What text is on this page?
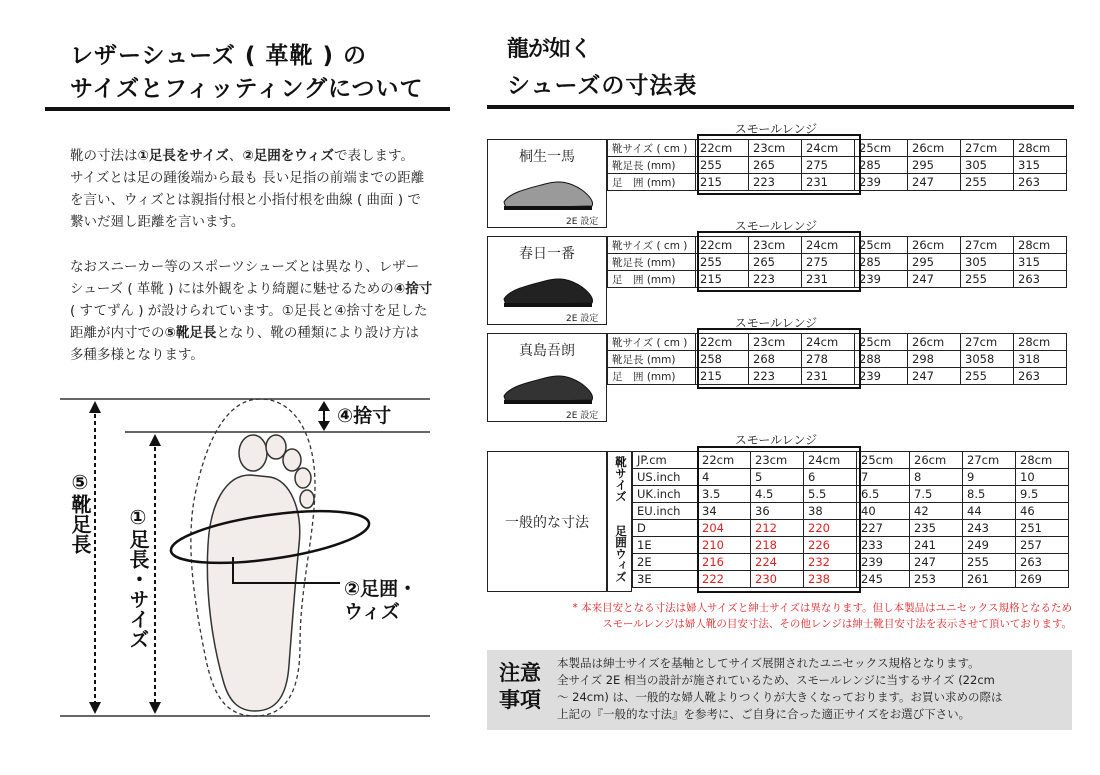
レザーシューズ ( 革靴 ) の
サイズとフィッティングについて
靴の寸法は①足長をサイズ、②足囲をウィズで表します。
サイズとは足の踵後端から最も 長い足指の前端までの距離
を言い、ウィズとは親指付根と小指付根を曲線 ( 曲面 ) で
繋いだ廻し距離を言います。
なおスニーカー等のスポーツシューズとは異なり、レザー
シューズ ( 革靴 ) には外観をより綺麗に魅せるための④捨寸
( すてずん ) が設けられています。①足長と④捨寸を足した
距離が内寸での⑤靴足長となり、靴の種類により設け方は
多種多様となります。
④捨寸
⑤靴足長 ①足長・サイズ	②足囲・
ウィズ
龍が如く
シューズの寸法表
スモールレンジ
桐生一馬
2E 設定
靴サイズ ( cm )	22cm	23cm	24cm	25cm	26cm	27cm	28cm
靴足長 (mm)	255	265	275	285	295	305	315
足　囲 (mm)	215	223	231	239	247	255	263
スモールレンジ
春日一番
2E 設定
靴サイズ ( cm )	22cm	23cm	24cm	25cm	26cm	27cm	28cm
靴足長 (mm)	255	265	275	285	295	305	315
足　囲 (mm)	215	223	231	239	247	255	263
スモールレンジ
真島吾朗
2E 設定
靴サイズ ( cm )	22cm	23cm	24cm	25cm	26cm	27cm	28cm
靴足長 (mm)	258	268	278	288	298	3058	318
足　囲 (mm)	215	223	231	239	247	255	263
スモールレンジ
一般的な寸法
靴サイズ
足囲ウィズ
JP.cm	22cm	23cm	24cm	25cm	26cm	27cm	28cm
US.inch	4	5	6	7	8	9	10
UK.inch	3.5	4.5	5.5	6.5	7.5	8.5	9.5
EU.inch	34	36	38	40	42	44	46
D	204	212	220	227	235	243	251
1E	210	218	226	233	241	249	257
2E	216	224	232	239	247	255	263
3E	222	230	238	245	253	261	269
* 本来目安となる寸法は婦人サイズと紳士サイズは異なります。但し本製品はユニセックス規格となるため
スモールレンジは婦人靴の目安寸法、その他レンジは紳士靴目安寸法を表示させて頂いております。
注意
事項
本製品は紳士サイズを基軸としてサイズ展開されたユニセックス規格となります。
全サイズ 2E 相当の設計が施されているため、スモールレンジに当するサイズ (22cm
～ 24cm) は、一般的な婦人靴よりつくりが大きくなっております。お買い求めの際は
上記の『一般的な寸法』を参考に、ご自身に合った適正サイズをお選び下さい。
